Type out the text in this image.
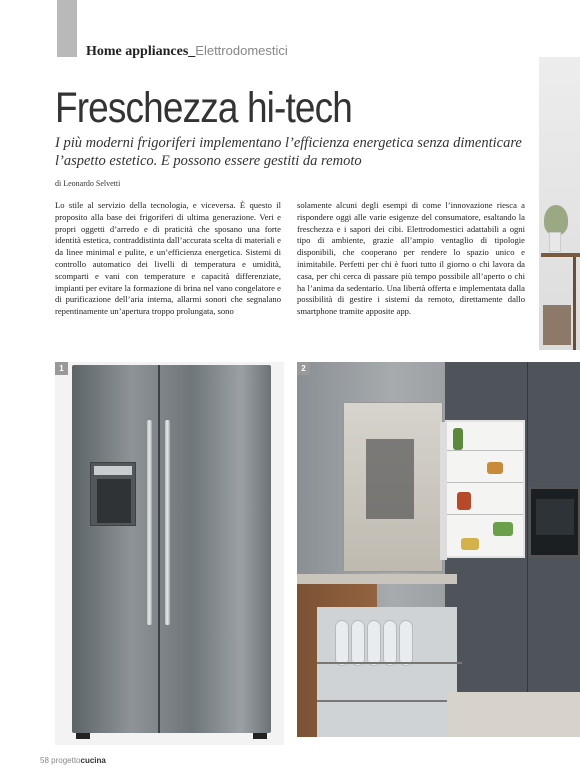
Home appliances_Elettrodomestici
Freschezza hi-tech

I più moderni frigoriferi implementano l’efficienza energetica senza dimenticare l’aspetto estetico. E possono essere gestiti da remoto

di Leonardo Selvetti

Lo stile al servizio della tecnologia, e viceversa. È questo il proposito alla base dei frigoriferi di ultima generazione. Veri e propri oggetti d’arredo e di praticità che sposano una forte identità estetica, contraddistinta dall’accurata scelta di materiali e da linee minimal e pulite, e un’efficienza energetica. Sistemi di controllo automatico dei livelli di temperatura e umidità, scomparti e vani con temperature e capacità differenziate, impianti per evitare la formazione di brina nel vano congelatore e di purificazione dell’aria interna, allarmi sonori che segnalano repentinamente un’apertura troppo prolungata, sono

solamente alcuni degli esempi di come l’innovazione riesca a rispondere oggi alle varie esigenze del consumatore, esaltando la freschezza e i sapori dei cibi. Elettrodomestici adattabili a ogni tipo di ambiente, grazie all’ampio ventaglio di tipologie disponibili, che cooperano per rendere lo spazio unico e inimitabile. Perfetti per chi è fuori tutto il giorno o chi lavora da casa, per chi cerca di passare più tempo possibile all’aperto o chi ha l’anima da sedentario. Una libertà offerta e implementata dalla possibilità di gestire i sistemi da remoto, direttamente dallo smartphone tramite apposite app.

1	2
58 progettocucina
